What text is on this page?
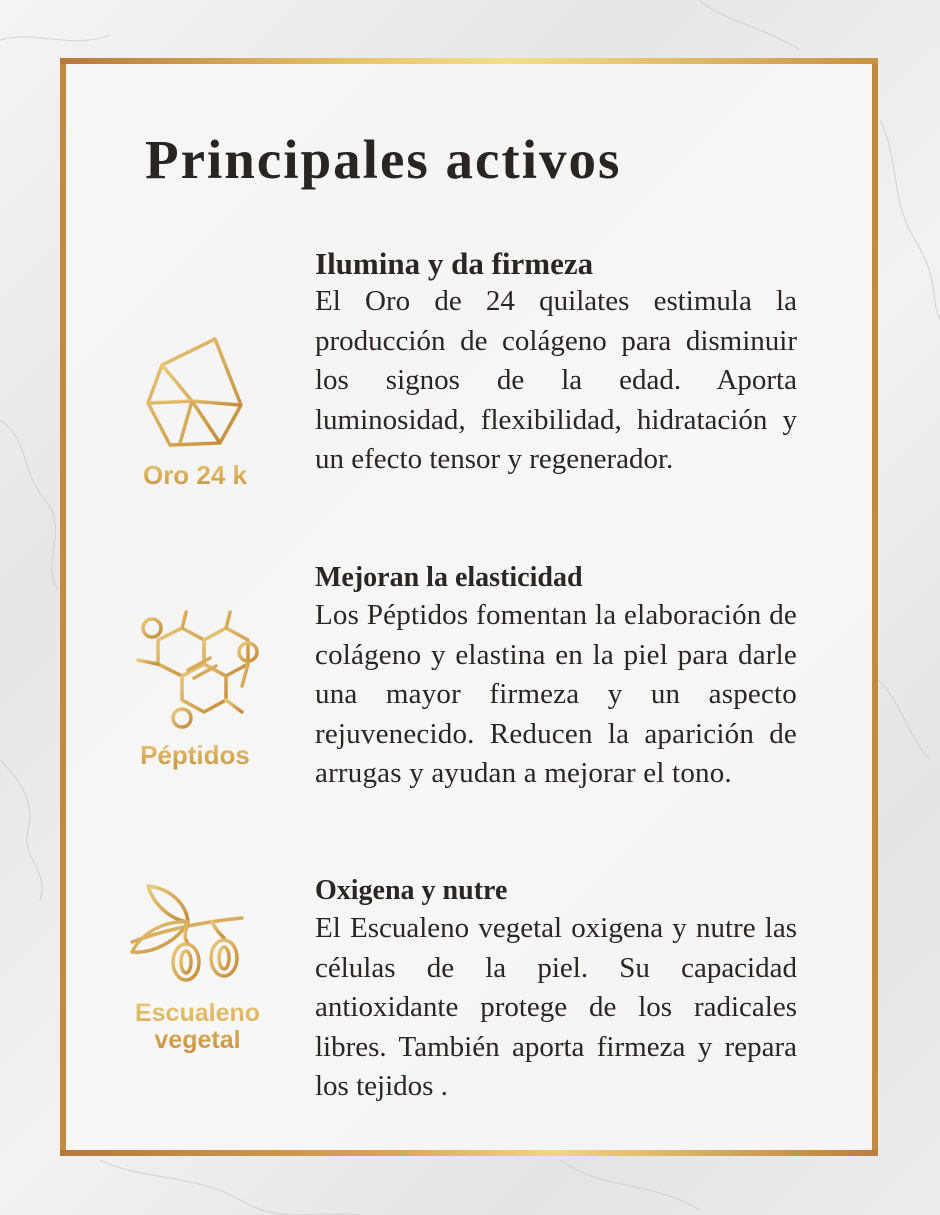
Principales activos
Oro 24 k
Ilumina y da firmeza

El Oro de 24 quilates estimula la producción de colágeno para disminuir los signos de la edad. Aporta luminosidad, flexibilidad, hidratación y un efecto tensor y regenerador.

Péptidos
Mejoran la elasticidad

Los Péptidos fomentan la elaboración de colágeno y elastina en la piel para darle una mayor firmeza y un aspecto rejuvenecido. Reducen la aparición de arrugas y ayudan a mejorar el tono.

Escualeno
vegetal
Oxigena y nutre

El Escualeno vegetal oxigena y nutre las células de la piel. Su capacidad antioxidante protege de los radicales libres. También aporta firmeza y repara los tejidos .
